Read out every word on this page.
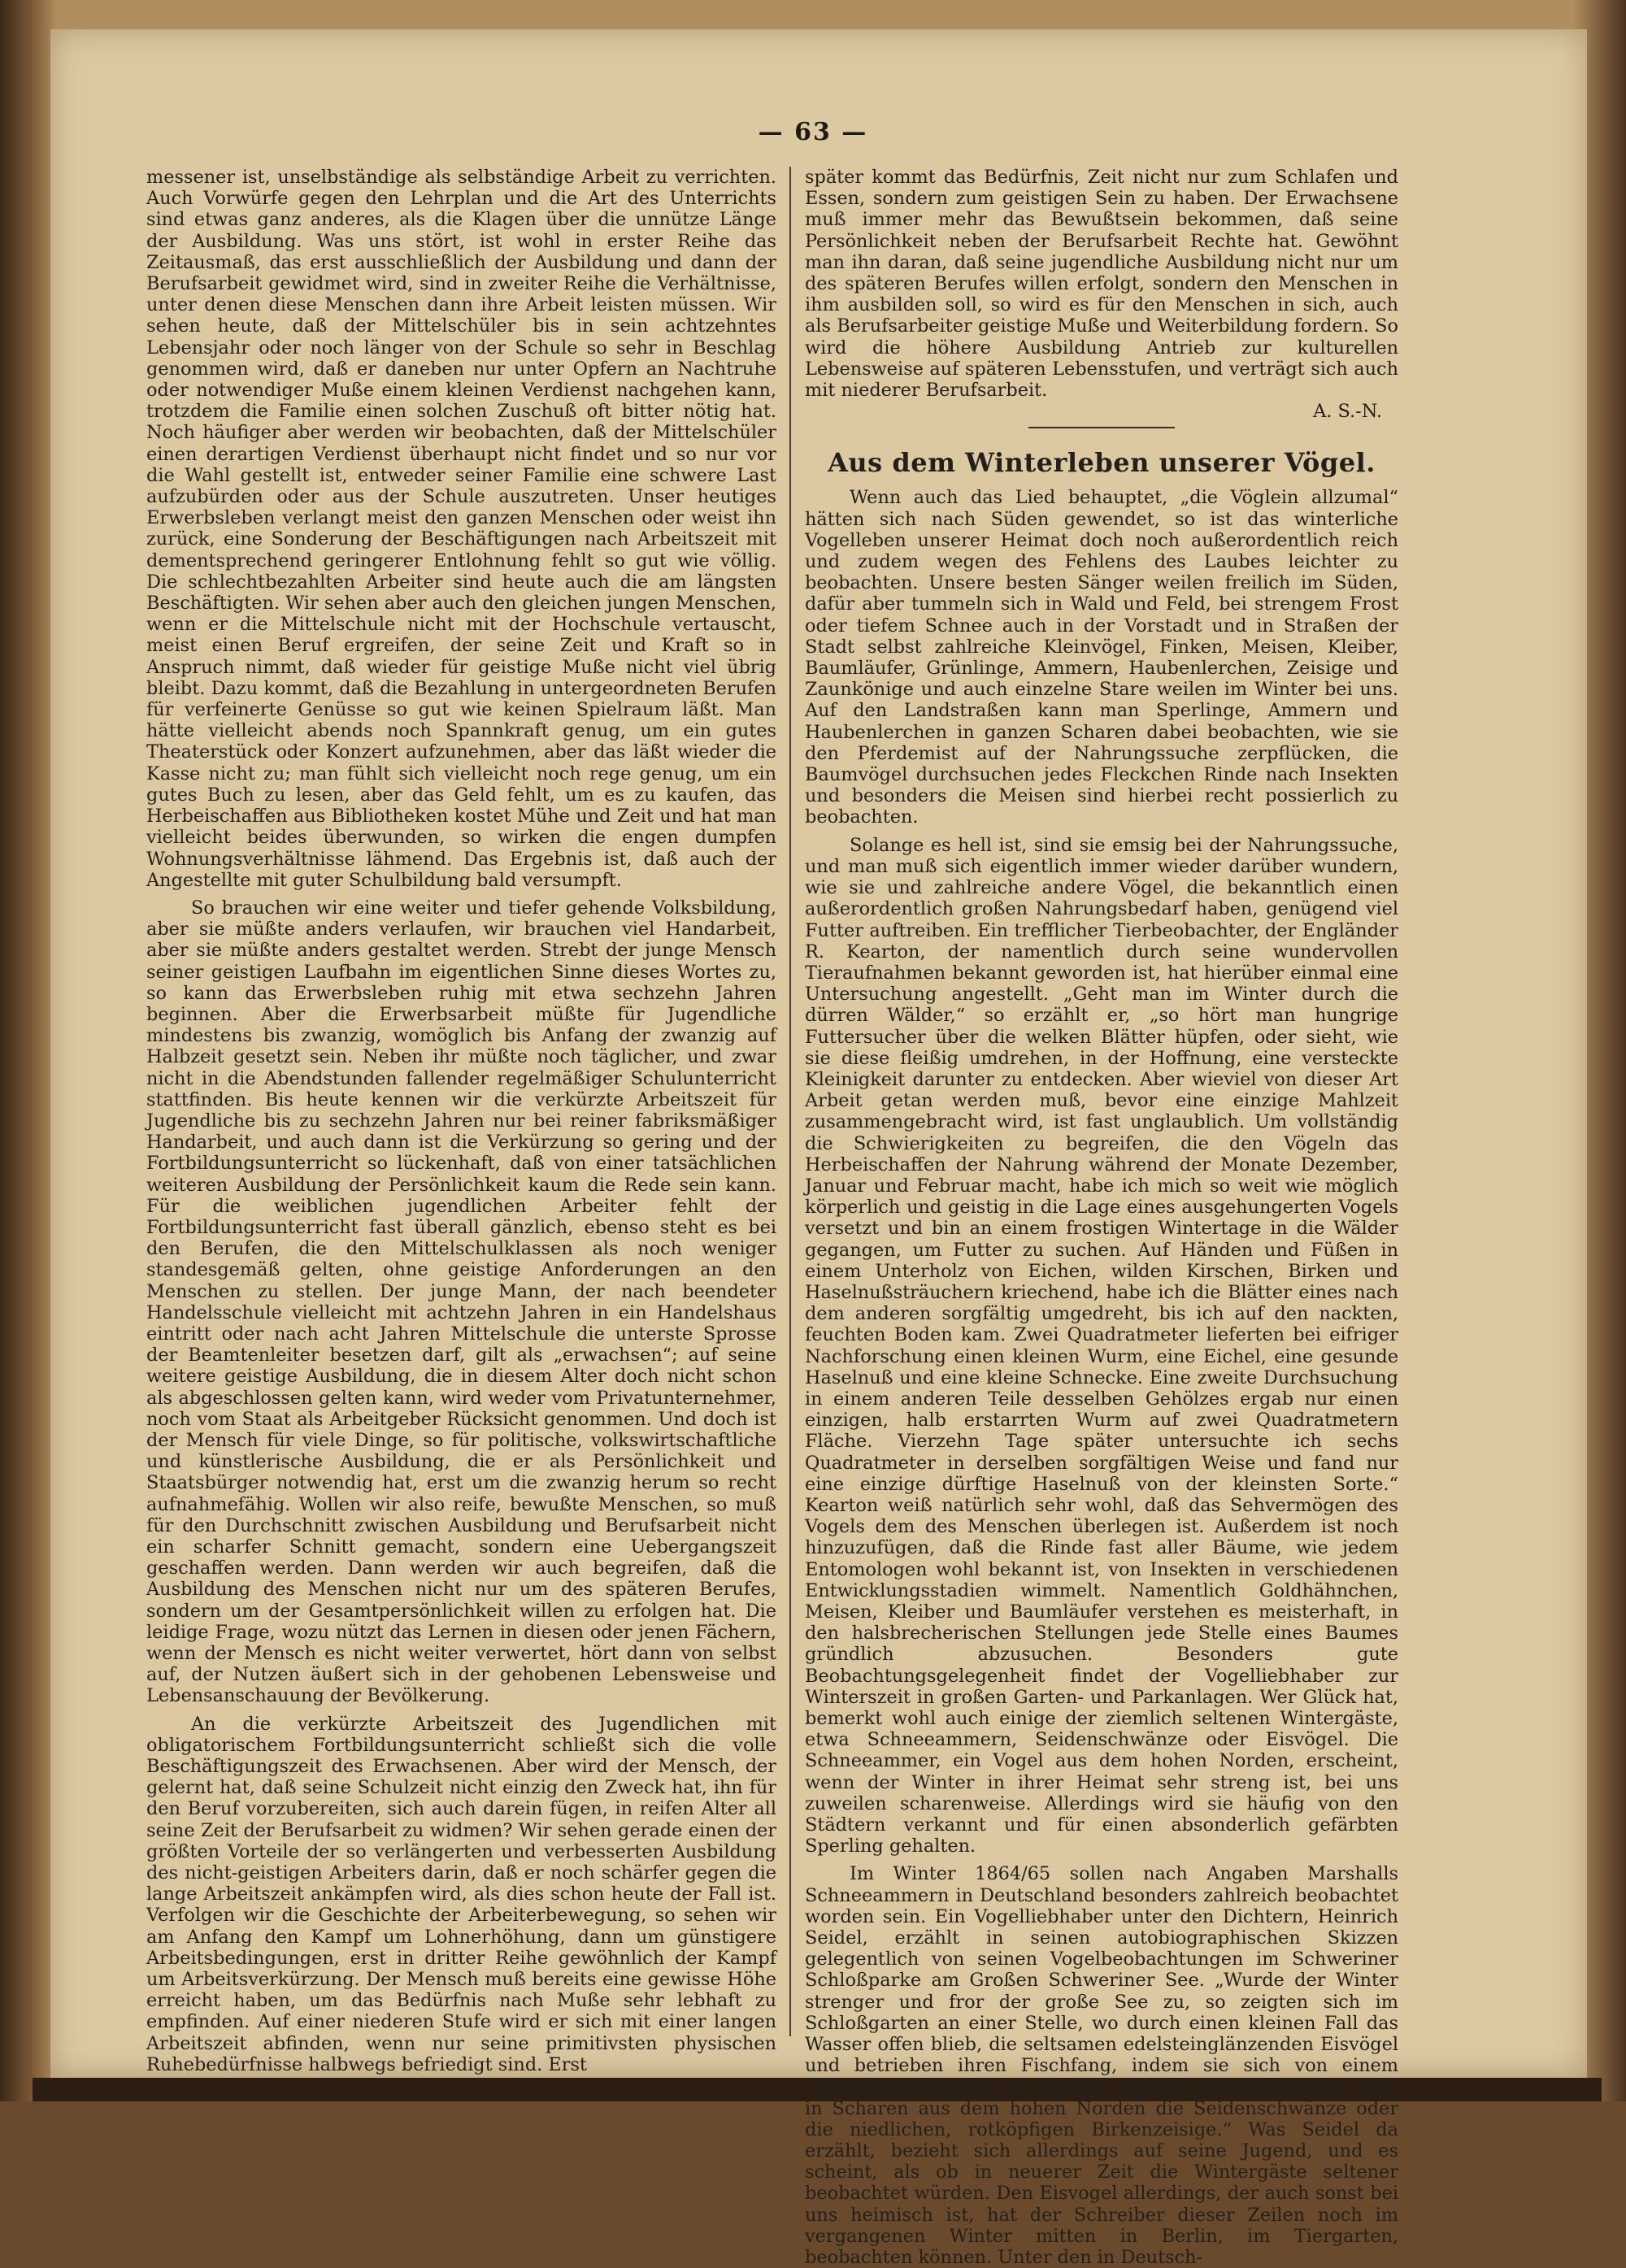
— 63 —

messener ist, unselbständige als selbständige Arbeit zu verrichten. Auch Vorwürfe gegen den Lehrplan und die Art des Unterrichts sind etwas ganz anderes, als die Klagen über die unnütze Länge der Ausbildung. Was uns stört, ist wohl in erster Reihe das Zeitausmaß, das erst ausschließlich der Ausbildung und dann der Berufsarbeit gewidmet wird, sind in zweiter Reihe die Verhältnisse, unter denen diese Menschen dann ihre Arbeit leisten müssen. Wir sehen heute, daß der Mittelschüler bis in sein achtzehntes Lebensjahr oder noch länger von der Schule so sehr in Beschlag genommen wird, daß er daneben nur unter Opfern an Nachtruhe oder notwendiger Muße einem kleinen Verdienst nachgehen kann, trotzdem die Familie einen solchen Zuschuß oft bitter nötig hat. Noch häufiger aber werden wir beobachten, daß der Mittelschüler einen derartigen Verdienst überhaupt nicht findet und so nur vor die Wahl gestellt ist, entweder seiner Familie eine schwere Last aufzubürden oder aus der Schule auszutreten. Unser heutiges Erwerbsleben verlangt meist den ganzen Menschen oder weist ihn zurück, eine Sonderung der Beschäftigungen nach Arbeitszeit mit dementsprechend geringerer Entlohnung fehlt so gut wie völlig. Die schlechtbezahlten Arbeiter sind heute auch die am längsten Beschäftigten. Wir sehen aber auch den gleichen jungen Menschen, wenn er die Mittelschule nicht mit der Hochschule vertauscht, meist einen Beruf ergreifen, der seine Zeit und Kraft so in Anspruch nimmt, daß wieder für geistige Muße nicht viel übrig bleibt. Dazu kommt, daß die Bezahlung in untergeordneten Berufen für verfeinerte Genüsse so gut wie keinen Spielraum läßt. Man hätte vielleicht abends noch Spannkraft genug, um ein gutes Theaterstück oder Konzert aufzunehmen, aber das läßt wieder die Kasse nicht zu; man fühlt sich vielleicht noch rege genug, um ein gutes Buch zu lesen, aber das Geld fehlt, um es zu kaufen, das Herbeischaffen aus Bibliotheken kostet Mühe und Zeit und hat man vielleicht beides überwunden, so wirken die engen dumpfen Wohnungsverhältnisse lähmend. Das Ergebnis ist, daß auch der Angestellte mit guter Schulbildung bald versumpft.

So brauchen wir eine weiter und tiefer gehende Volksbildung, aber sie müßte anders verlaufen, wir brauchen viel Handarbeit, aber sie müßte anders gestaltet werden. Strebt der junge Mensch seiner geistigen Laufbahn im eigentlichen Sinne dieses Wortes zu, so kann das Erwerbsleben ruhig mit etwa sechzehn Jahren beginnen. Aber die Erwerbsarbeit müßte für Jugendliche mindestens bis zwanzig, womöglich bis Anfang der zwanzig auf Halbzeit gesetzt sein. Neben ihr müßte noch täglicher, und zwar nicht in die Abendstunden fallender regelmäßiger Schulunterricht stattfinden. Bis heute kennen wir die verkürzte Arbeitszeit für Jugendliche bis zu sechzehn Jahren nur bei reiner fabriksmäßiger Handarbeit, und auch dann ist die Verkürzung so gering und der Fortbildungsunterricht so lückenhaft, daß von einer tatsächlichen weiteren Ausbildung der Persönlichkeit kaum die Rede sein kann. Für die weiblichen jugendlichen Arbeiter fehlt der Fortbildungsunterricht fast überall gänzlich, ebenso steht es bei den Berufen, die den Mittelschulklassen als noch weniger standesgemäß gelten, ohne geistige Anforderungen an den Menschen zu stellen. Der junge Mann, der nach beendeter Handelsschule vielleicht mit achtzehn Jahren in ein Handelshaus eintritt oder nach acht Jahren Mittelschule die unterste Sprosse der Beamtenleiter besetzen darf, gilt als „erwachsen“; auf seine weitere geistige Ausbildung, die in diesem Alter doch nicht schon als abgeschlossen gelten kann, wird weder vom Privatunternehmer, noch vom Staat als Arbeitgeber Rücksicht genommen. Und doch ist der Mensch für viele Dinge, so für politische, volkswirtschaftliche und künstlerische Ausbildung, die er als Persönlichkeit und Staatsbürger notwendig hat, erst um die zwanzig herum so recht aufnahmefähig. Wollen wir also reife, bewußte Menschen, so muß für den Durchschnitt zwischen Ausbildung und Berufsarbeit nicht ein scharfer Schnitt gemacht, sondern eine Uebergangszeit geschaffen werden. Dann werden wir auch begreifen, daß die Ausbildung des Menschen nicht nur um des späteren Berufes, sondern um der Gesamtpersönlichkeit willen zu erfolgen hat. Die leidige Frage, wozu nützt das Lernen in diesen oder jenen Fächern, wenn der Mensch es nicht weiter verwertet, hört dann von selbst auf, der Nutzen äußert sich in der gehobenen Lebensweise und Lebensanschauung der Bevölkerung.

An die verkürzte Arbeitszeit des Jugendlichen mit obligatorischem Fortbildungsunterricht schließt sich die volle Beschäftigungszeit des Erwachsenen. Aber wird der Mensch, der gelernt hat, daß seine Schulzeit nicht einzig den Zweck hat, ihn für den Beruf vorzubereiten, sich auch darein fügen, in reifen Alter all seine Zeit der Berufsarbeit zu widmen? Wir sehen gerade einen der größten Vorteile der so verlängerten und verbesserten Ausbildung des nicht-geistigen Arbeiters darin, daß er noch schärfer gegen die lange Arbeitszeit ankämpfen wird, als dies schon heute der Fall ist. Verfolgen wir die Geschichte der Arbeiterbewegung, so sehen wir am Anfang den Kampf um Lohnerhöhung, dann um günstigere Arbeitsbedingungen, erst in dritter Reihe gewöhnlich der Kampf um Arbeitsverkürzung. Der Mensch muß bereits eine gewisse Höhe erreicht haben, um das Bedürfnis nach Muße sehr lebhaft zu empfinden. Auf einer niederen Stufe wird er sich mit einer langen Arbeitszeit abfinden, wenn nur seine primitivsten physischen Ruhebedürfnisse halbwegs befriedigt sind. Erst

später kommt das Bedürfnis, Zeit nicht nur zum Schlafen und Essen, sondern zum geistigen Sein zu haben. Der Erwachsene muß immer mehr das Bewußtsein bekommen, daß seine Persönlichkeit neben der Berufsarbeit Rechte hat. Gewöhnt man ihn daran, daß seine jugendliche Ausbildung nicht nur um des späteren Berufes willen erfolgt, sondern den Menschen in ihm ausbilden soll, so wird es für den Menschen in sich, auch als Berufsarbeiter geistige Muße und Weiterbildung fordern. So wird die höhere Ausbildung Antrieb zur kulturellen Lebensweise auf späteren Lebensstufen, und verträgt sich auch mit niederer Berufsarbeit.

A. S.-N.

Aus dem Winterleben unserer Vögel.

Wenn auch das Lied behauptet, „die Vöglein allzumal“ hätten sich nach Süden gewendet, so ist das winterliche Vogelleben unserer Heimat doch noch außerordentlich reich und zudem wegen des Fehlens des Laubes leichter zu beobachten. Unsere besten Sänger weilen freilich im Süden, dafür aber tummeln sich in Wald und Feld, bei strengem Frost oder tiefem Schnee auch in der Vorstadt und in Straßen der Stadt selbst zahlreiche Kleinvögel, Finken, Meisen, Kleiber, Baumläufer, Grünlinge, Ammern, Haubenlerchen, Zeisige und Zaunkönige und auch einzelne Stare weilen im Winter bei uns. Auf den Landstraßen kann man Sperlinge, Ammern und Haubenlerchen in ganzen Scharen dabei beobachten, wie sie den Pferdemist auf der Nahrungssuche zerpflücken, die Baumvögel durchsuchen jedes Fleckchen Rinde nach Insekten und besonders die Meisen sind hierbei recht possierlich zu beobachten.

Solange es hell ist, sind sie emsig bei der Nahrungssuche, und man muß sich eigentlich immer wieder darüber wundern, wie sie und zahlreiche andere Vögel, die bekanntlich einen außerordentlich großen Nahrungsbedarf haben, genügend viel Futter auftreiben. Ein trefflicher Tierbeobachter, der Engländer R. Kearton, der namentlich durch seine wundervollen Tieraufnahmen bekannt geworden ist, hat hierüber einmal eine Untersuchung angestellt. „Geht man im Winter durch die dürren Wälder,“ so erzählt er, „so hört man hungrige Futtersucher über die welken Blätter hüpfen, oder sieht, wie sie diese fleißig umdrehen, in der Hoffnung, eine versteckte Kleinigkeit darunter zu entdecken. Aber wieviel von dieser Art Arbeit getan werden muß, bevor eine einzige Mahlzeit zusammengebracht wird, ist fast unglaublich. Um vollständig die Schwierigkeiten zu begreifen, die den Vögeln das Herbeischaffen der Nahrung während der Monate Dezember, Januar und Februar macht, habe ich mich so weit wie möglich körperlich und geistig in die Lage eines ausgehungerten Vogels versetzt und bin an einem frostigen Wintertage in die Wälder gegangen, um Futter zu suchen. Auf Händen und Füßen in einem Unterholz von Eichen, wilden Kirschen, Birken und Haselnußsträuchern kriechend, habe ich die Blätter eines nach dem anderen sorgfältig umgedreht, bis ich auf den nackten, feuchten Boden kam. Zwei Quadratmeter lieferten bei eifriger Nachforschung einen kleinen Wurm, eine Eichel, eine gesunde Haselnuß und eine kleine Schnecke. Eine zweite Durchsuchung in einem anderen Teile desselben Gehölzes ergab nur einen einzigen, halb erstarrten Wurm auf zwei Quadratmetern Fläche. Vierzehn Tage später untersuchte ich sechs Quadratmeter in derselben sorgfältigen Weise und fand nur eine einzige dürftige Haselnuß von der kleinsten Sorte.“ Kearton weiß natürlich sehr wohl, daß das Sehvermögen des Vogels dem des Menschen überlegen ist. Außerdem ist noch hinzuzufügen, daß die Rinde fast aller Bäume, wie jedem Entomologen wohl bekannt ist, von Insekten in verschiedenen Entwicklungsstadien wimmelt. Namentlich Goldhähnchen, Meisen, Kleiber und Baumläufer verstehen es meisterhaft, in den halsbrecherischen Stellungen jede Stelle eines Baumes gründlich abzusuchen. Besonders gute Beobachtungsgelegenheit findet der Vogelliebhaber zur Winterszeit in großen Garten- und Parkanlagen. Wer Glück hat, bemerkt wohl auch einige der ziemlich seltenen Wintergäste, etwa Schneeammern, Seidenschwänze oder Eisvögel. Die Schneeammer, ein Vogel aus dem hohen Norden, erscheint, wenn der Winter in ihrer Heimat sehr streng ist, bei uns zuweilen scharenweise. Allerdings wird sie häufig von den Städtern verkannt und für einen absonderlich gefärbten Sperling gehalten.

Im Winter 1864/65 sollen nach Angaben Marshalls Schneeammern in Deutschland besonders zahlreich beobachtet worden sein. Ein Vogelliebhaber unter den Dichtern, Heinrich Seidel, erzählt in seinen autobiographischen Skizzen gelegentlich von seinen Vogelbeobachtungen im Schweriner Schloßparke am Großen Schweriner See. „Wurde der Winter strenger und fror der große See zu, so zeigten sich im Schloßgarten an einer Stelle, wo durch einen kleinen Fall das Wasser offen blieb, die seltsamen edelsteinglänzenden Eisvögel und betrieben ihren Fischfang, indem sie sich von einem Zweige aus kopfüber ins Wasser stürzten. Es kamen auch wohl in Scharen aus dem hohen Norden die Seidenschwänze oder die niedlichen, rotköpfigen Birkenzeisige.“ Was Seidel da erzählt, bezieht sich allerdings auf seine Jugend, und es scheint, als ob in neuerer Zeit die Wintergäste seltener beobachtet würden. Den Eisvogel allerdings, der auch sonst bei uns heimisch ist, hat der Schreiber dieser Zeilen noch im vergangenen Winter mitten in Berlin, im Tiergarten, beobachten können. Unter den in Deutsch-
